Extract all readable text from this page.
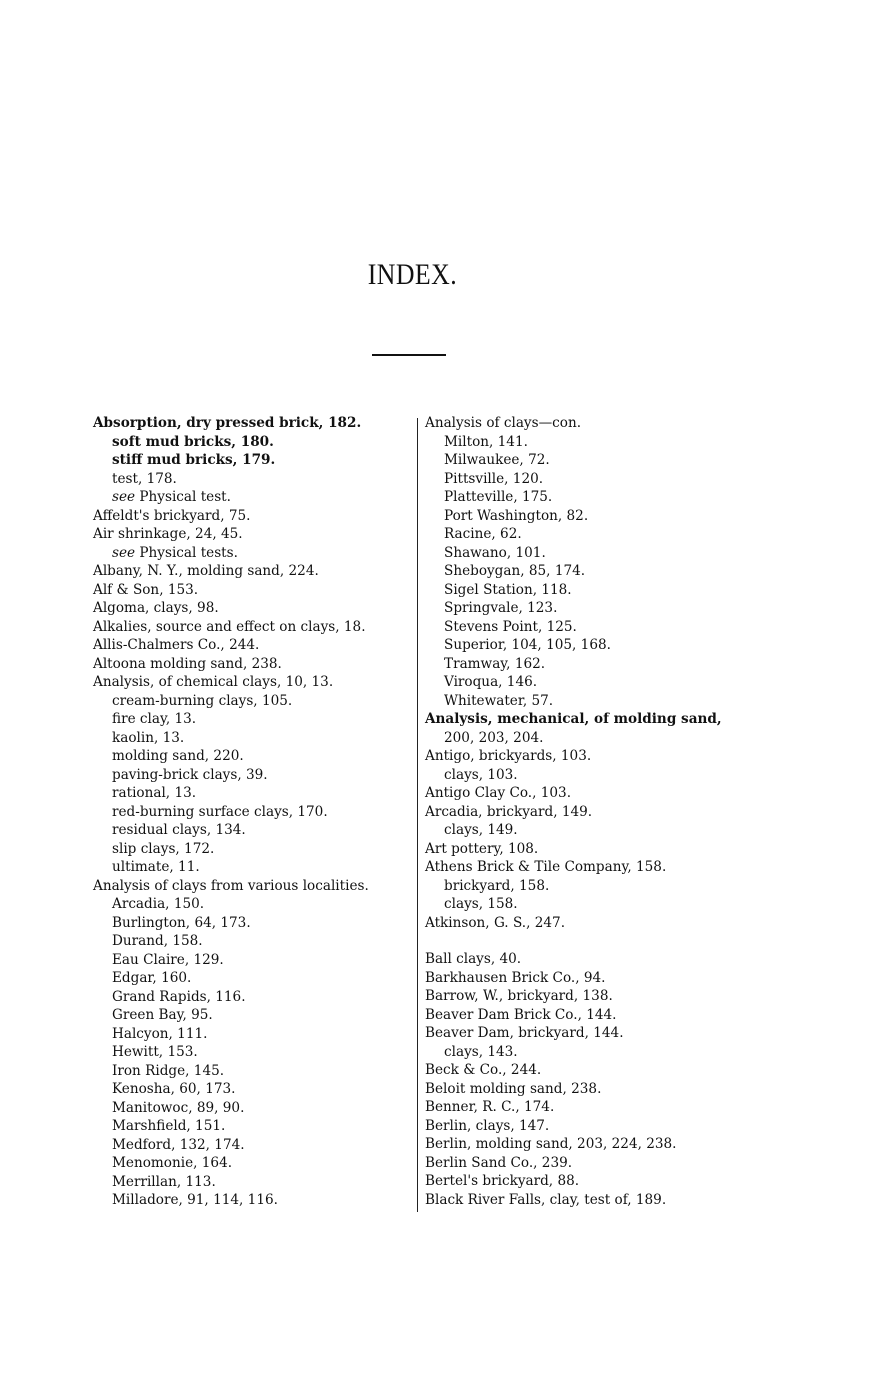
INDEX.
Absorption, dry pressed brick, 182.
soft mud bricks, 180.
stiff mud bricks, 179.
test, 178.
see Physical test.
Affeldt's brickyard, 75.
Air shrinkage, 24, 45.
see Physical tests.
Albany, N. Y., molding sand, 224.
Alf & Son, 153.
Algoma, clays, 98.
Alkalies, source and effect on clays, 18.
Allis-Chalmers Co., 244.
Altoona molding sand, 238.
Analysis, of chemical clays, 10, 13.
cream-burning clays, 105.
fire clay, 13.
kaolin, 13.
molding sand, 220.
paving-brick clays, 39.
rational, 13.
red-burning surface clays, 170.
residual clays, 134.
slip clays, 172.
ultimate, 11.
Analysis of clays from various localities.
Arcadia, 150.
Burlington, 64, 173.
Durand, 158.
Eau Claire, 129.
Edgar, 160.
Grand Rapids, 116.
Green Bay, 95.
Halcyon, 111.
Hewitt, 153.
Iron Ridge, 145.
Kenosha, 60, 173.
Manitowoc, 89, 90.
Marshfield, 151.
Medford, 132, 174.
Menomonie, 164.
Merrillan, 113.
Milladore, 91, 114, 116.
Analysis of clays—con.
Milton, 141.
Milwaukee, 72.
Pittsville, 120.
Platteville, 175.
Port Washington, 82.
Racine, 62.
Shawano, 101.
Sheboygan, 85, 174.
Sigel Station, 118.
Springvale, 123.
Stevens Point, 125.
Superior, 104, 105, 168.
Tramway, 162.
Viroqua, 146.
Whitewater, 57.
Analysis, mechanical, of molding sand,
200, 203, 204.
Antigo, brickyards, 103.
clays, 103.
Antigo Clay Co., 103.
Arcadia, brickyard, 149.
clays, 149.
Art pottery, 108.
Athens Brick & Tile Company, 158.
brickyard, 158.
clays, 158.
Atkinson, G. S., 247.
Ball clays, 40.
Barkhausen Brick Co., 94.
Barrow, W., brickyard, 138.
Beaver Dam Brick Co., 144.
Beaver Dam, brickyard, 144.
clays, 143.
Beck & Co., 244.
Beloit molding sand, 238.
Benner, R. C., 174.
Berlin, clays, 147.
Berlin, molding sand, 203, 224, 238.
Berlin Sand Co., 239.
Bertel's brickyard, 88.
Black River Falls, clay, test of, 189.
